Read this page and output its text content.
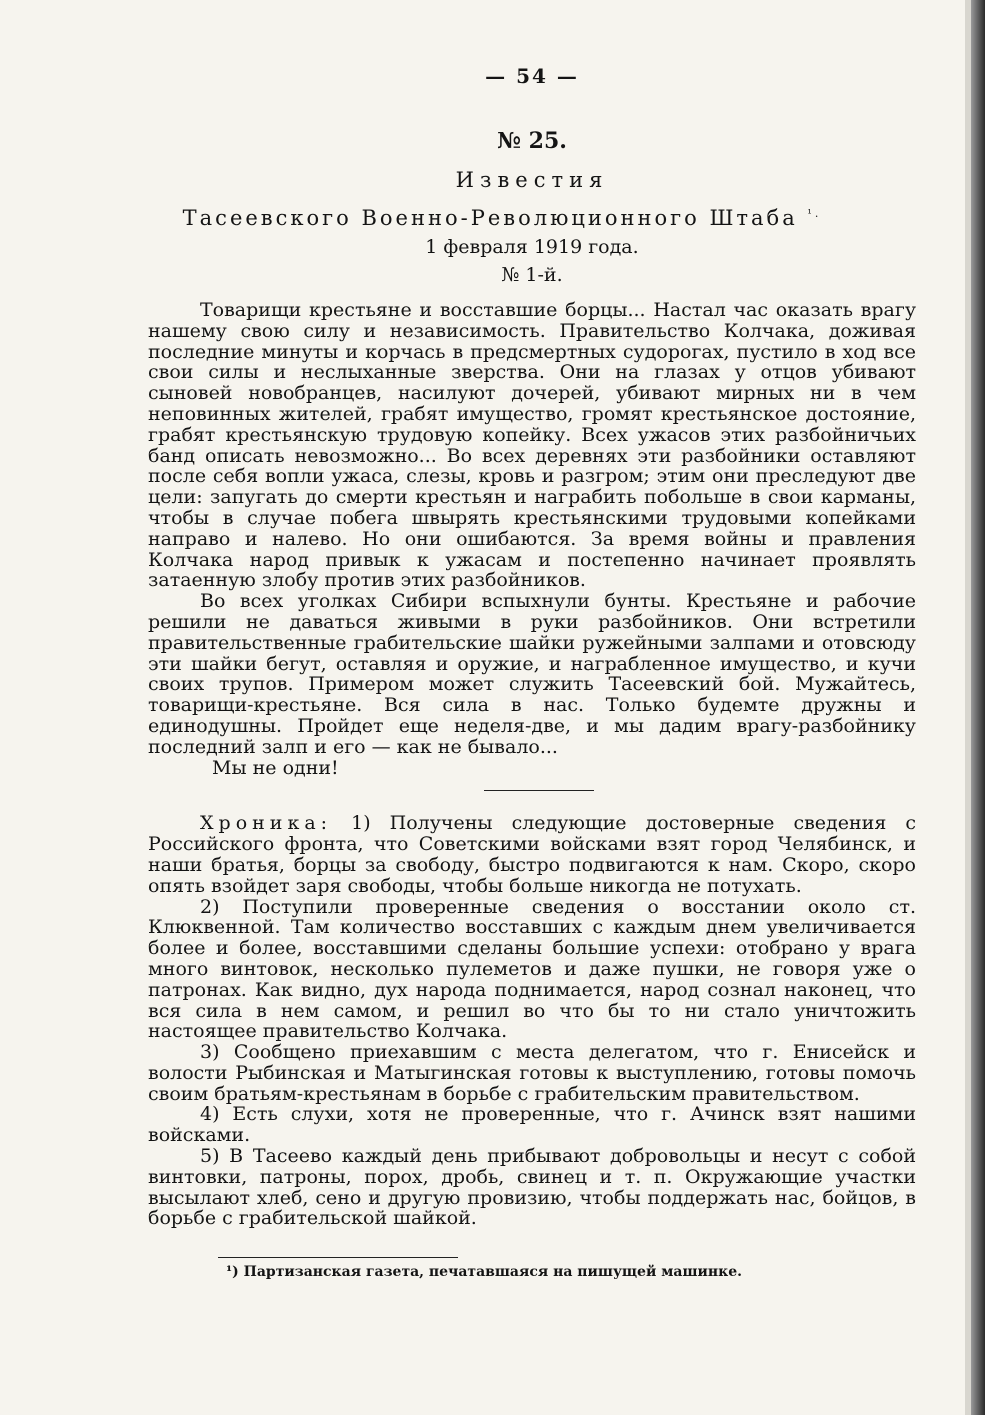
— 54 —
№ 25.
Известия
Тасеевского Военно-Революционного Штаба $^{^1.}$
1 февраля 1919 года.
№ 1-й.

Товарищи крестьяне и восставшие борцы... Настал час оказать врагу нашему свою силу и независимость. Правительство Колчака, доживая последние минуты и корчась в предсмертных судорогах, пустило в ход все свои силы и неслыханные зверства. Они на глазах у отцов убивают сыновей новобранцев, насилуют дочерей, убивают мирных ни в чем неповинных жителей, грабят имущество, громят крестьянское достояние, грабят крестьянскую трудовую копейку. Всех ужасов этих разбойничьих банд описать невозможно... Во всех деревнях эти разбойники оставляют после себя вопли ужаса, слезы, кровь и разгром; этим они преследуют две цели: запугать до смерти крестьян и награбить побольше в свои карманы, чтобы в случае побега швырять крестьянскими трудовыми копейками направо и налево. Но они ошибаются. За время войны и правления Колчака народ привык к ужасам и постепенно начинает проявлять затаенную злобу против этих разбойников.

Во всех уголках Сибири вспыхнули бунты. Крестьяне и рабочие решили не даваться живыми в руки разбойников. Они встретили правительственные грабительские шайки ружейными залпами и отовсюду эти шайки бегут, оставляя и оружие, и награбленное имущество, и кучи своих трупов. Примером может служить Тасеевский бой. Мужайтесь, товарищи-крестьяне. Вся сила в нас. Только будемте дружны и единодушны. Пройдет еще неделя-две, и мы дадим врагу-разбойнику последний залп и его — как не бывало...

Мы не одни!

Хроника: 1) Получены следующие достоверные сведения с Российского фронта, что Советскими войсками взят город Челябинск, и наши братья, борцы за свободу, быстро подвигаются к нам. Скоро, скоро опять взойдет заря свободы, чтобы больше никогда не потухать.

2) Поступили проверенные сведения о восстании около ст. Клюквенной. Там количество восставших с каждым днем увеличивается более и более, восставшими сделаны большие успехи: отобрано у врага много винтовок, несколько пулеметов и даже пушки, не говоря уже о патронах. Как видно, дух народа поднимается, народ сознал наконец, что вся сила в нем самом, и решил во что бы то ни стало уничтожить настоящее правительство Колчака.

3) Сообщено приехавшим с места делегатом, что г. Енисейск и волости Рыбинская и Матыгинская готовы к выступлению, готовы помочь своим братьям-крестьянам в борьбе с грабительским правительством.

4) Есть слухи, хотя не проверенные, что г. Ачинск взят нашими войсками.

5) В Тасеево каждый день прибывают добровольцы и несут с собой винтовки, патроны, порох, дробь, свинец и т. п. Окружающие участки высылают хлеб, сено и другую провизию, чтобы поддержать нас, бойцов, в борьбе с грабительской шайкой.

¹) Партизанская газета, печатавшаяся на пишущей машинке.
